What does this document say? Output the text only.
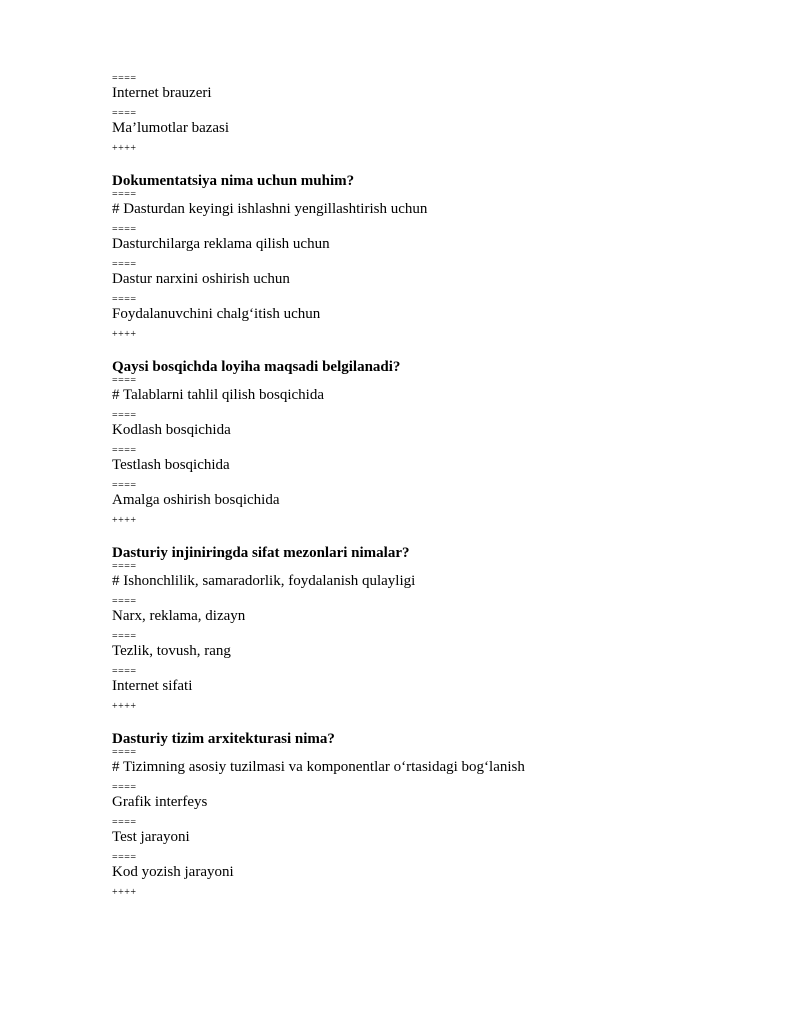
====
Internet brauzeri
====
Ma’lumotlar bazasi
++++
Dokumentatsiya nima uchun muhim?
====
# Dasturdan keyingi ishlashni yengillashtirish uchun
====
Dasturchilarga reklama qilish uchun
====
Dastur narxini oshirish uchun
====
Foydalanuvchini chalg‘itish uchun
++++
Qaysi bosqichda loyiha maqsadi belgilanadi?
====
# Talablarni tahlil qilish bosqichida
====
Kodlash bosqichida
====
Testlash bosqichida
====
Amalga oshirish bosqichida
++++
Dasturiy injiniringda sifat mezonlari nimalar?
====
# Ishonchlilik, samaradorlik, foydalanish qulayligi
====
Narx, reklama, dizayn
====
Tezlik, tovush, rang
====
Internet sifati
++++
Dasturiy tizim arxitekturasi nima?
====
# Tizimning asosiy tuzilmasi va komponentlar o‘rtasidagi bog‘lanish
====
Grafik interfeys
====
Test jarayoni
====
Kod yozish jarayoni
++++
